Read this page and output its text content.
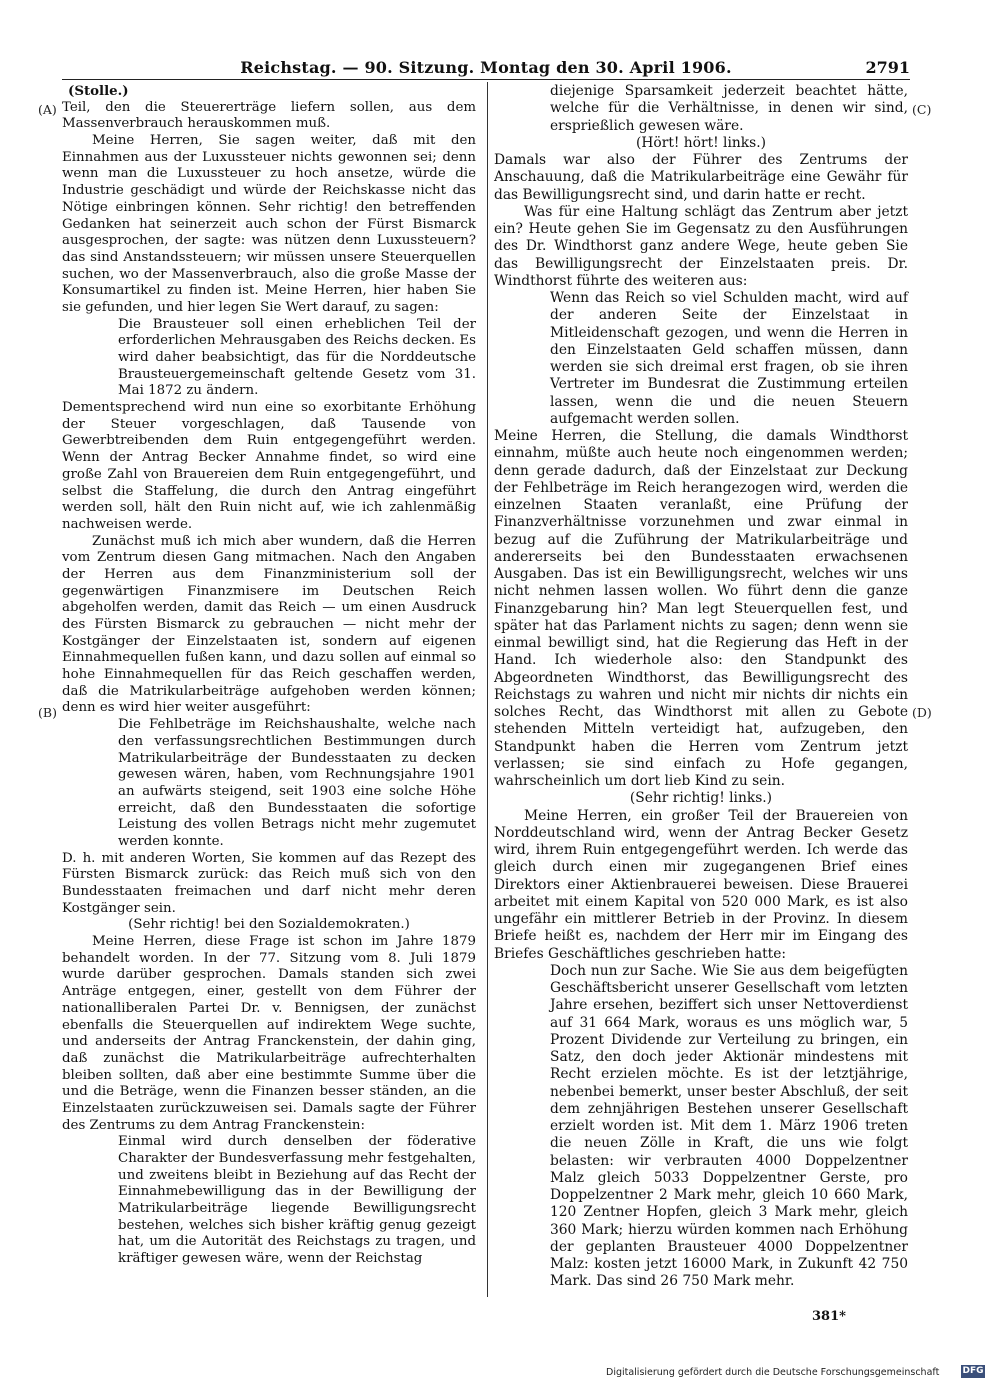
Reichstag. — 90. Sitzung. Montag den 30. April 1906.	2791
(A)
(B)
(C)
(D)

(Stolle.)

Teil, den die Steuererträge liefern sollen, aus dem Massenverbrauch herauskommen muß.

Meine Herren, Sie sagen weiter, daß mit den Einnahmen aus der Luxussteuer nichts gewonnen sei; denn wenn man die Luxussteuer zu hoch ansetze, würde die Industrie geschädigt und würde der Reichskasse nicht das Nötige einbringen können. Sehr richtig! den betreffenden Gedanken hat seinerzeit auch schon der Fürst Bismarck ausgesprochen, der sagte: was nützen denn Luxussteuern? das sind Anstandssteuern; wir müssen unsere Steuerquellen suchen, wo der Massenverbrauch, also die große Masse der Konsumartikel zu finden ist. Meine Herren, hier haben Sie sie gefunden, und hier legen Sie Wert darauf, zu sagen:

Die Brausteuer soll einen erheblichen Teil der erforderlichen Mehrausgaben des Reichs decken. Es wird daher beabsichtigt, das für die Norddeutsche Brausteuergemeinschaft geltende Gesetz vom 31. Mai 1872 zu ändern.

Dementsprechend wird nun eine so exorbitante Erhöhung der Steuer vorgeschlagen, daß Tausende von Gewerbtreibenden dem Ruin entgegengeführt werden. Wenn der Antrag Becker Annahme findet, so wird eine große Zahl von Brauereien dem Ruin entgegengeführt, und selbst die Staffelung, die durch den Antrag eingeführt werden soll, hält den Ruin nicht auf, wie ich zahlenmäßig nachweisen werde.

Zunächst muß ich mich aber wundern, daß die Herren vom Zentrum diesen Gang mitmachen. Nach den Angaben der Herren aus dem Finanzministerium soll der gegenwärtigen Finanzmisere im Deutschen Reich abgeholfen werden, damit das Reich — um einen Ausdruck des Fürsten Bismarck zu gebrauchen — nicht mehr der Kostgänger der Einzelstaaten ist, sondern auf eigenen Einnahmequellen fußen kann, und dazu sollen auf einmal so hohe Einnahmequellen für das Reich geschaffen werden, daß die Matrikularbeiträge aufgehoben werden können; denn es wird hier weiter ausgeführt:

Die Fehlbeträge im Reichshaushalte, welche nach den verfassungsrechtlichen Bestimmungen durch Matrikularbeiträge der Bundesstaaten zu decken gewesen wären, haben, vom Rechnungsjahre 1901 an aufwärts steigend, seit 1903 eine solche Höhe erreicht, daß den Bundesstaaten die sofortige Leistung des vollen Betrags nicht mehr zugemutet werden konnte.

D. h. mit anderen Worten, Sie kommen auf das Rezept des Fürsten Bismarck zurück: das Reich muß sich von den Bundesstaaten freimachen und darf nicht mehr deren Kostgänger sein.

(Sehr richtig! bei den Sozialdemokraten.)

Meine Herren, diese Frage ist schon im Jahre 1879 behandelt worden. In der 77. Sitzung vom 8. Juli 1879 wurde darüber gesprochen. Damals standen sich zwei Anträge entgegen, einer, gestellt von dem Führer der nationalliberalen Partei Dr. v. Bennigsen, der zunächst ebenfalls die Steuerquellen auf indirektem Wege suchte, und anderseits der Antrag Franckenstein, der dahin ging, daß zunächst die Matrikularbeiträge aufrechterhalten bleiben sollten, daß aber eine bestimmte Summe über die und die Beträge, wenn die Finanzen besser ständen, an die Einzelstaaten zurückzuweisen sei. Damals sagte der Führer des Zentrums zu dem Antrag Franckenstein:

Einmal wird durch denselben der föderative Charakter der Bundesverfassung mehr festgehalten, und zweitens bleibt in Beziehung auf das Recht der Einnahmebewilligung das in der Bewilligung der Matrikularbeiträge liegende Bewilligungsrecht bestehen, welches sich bisher kräftig genug gezeigt hat, um die Autorität des Reichstags zu tragen, und kräftiger gewesen wäre, wenn der Reichstag

diejenige Sparsamkeit jederzeit beachtet hätte, welche für die Verhältnisse, in denen wir sind, ersprießlich gewesen wäre.

(Hört! hört! links.)

Damals war also der Führer des Zentrums der Anschauung, daß die Matrikularbeiträge eine Gewähr für das Bewilligungsrecht sind, und darin hatte er recht.

Was für eine Haltung schlägt das Zentrum aber jetzt ein? Heute gehen Sie im Gegensatz zu den Ausführungen des Dr. Windthorst ganz andere Wege, heute geben Sie das Bewilligungsrecht der Einzelstaaten preis. Dr. Windthorst führte des weiteren aus:

Wenn das Reich so viel Schulden macht, wird auf der anderen Seite der Einzelstaat in Mitleidenschaft gezogen, und wenn die Herren in den Einzelstaaten Geld schaffen müssen, dann werden sie sich dreimal erst fragen, ob sie ihren Vertreter im Bundesrat die Zustimmung erteilen lassen, wenn die und die neuen Steuern aufgemacht werden sollen.

Meine Herren, die Stellung, die damals Windthorst einnahm, müßte auch heute noch eingenommen werden; denn gerade dadurch, daß der Einzelstaat zur Deckung der Fehlbeträge im Reich herangezogen wird, werden die einzelnen Staaten veranlaßt, eine Prüfung der Finanzverhältnisse vorzunehmen und zwar einmal in bezug auf die Zuführung der Matrikularbeiträge und andererseits bei den Bundesstaaten erwachsenen Ausgaben. Das ist ein Bewilligungsrecht, welches wir uns nicht nehmen lassen wollen. Wo führt denn die ganze Finanzgebarung hin? Man legt Steuerquellen fest, und später hat das Parlament nichts zu sagen; denn wenn sie einmal bewilligt sind, hat die Regierung das Heft in der Hand. Ich wiederhole also: den Standpunkt des Abgeordneten Windthorst, das Bewilligungsrecht des Reichstags zu wahren und nicht mir nichts dir nichts ein solches Recht, das Windthorst mit allen zu Gebote stehenden Mitteln verteidigt hat, aufzugeben, den Standpunkt haben die Herren vom Zentrum jetzt verlassen; sie sind einfach zu Hofe gegangen, wahrscheinlich um dort lieb Kind zu sein.

(Sehr richtig! links.)

Meine Herren, ein großer Teil der Brauereien von Norddeutschland wird, wenn der Antrag Becker Gesetz wird, ihrem Ruin entgegengeführt werden. Ich werde das gleich durch einen mir zugegangenen Brief eines Direktors einer Aktienbrauerei beweisen. Diese Brauerei arbeitet mit einem Kapital von 520 000 Mark, es ist also ungefähr ein mittlerer Betrieb in der Provinz. In diesem Briefe heißt es, nachdem der Herr mir im Eingang des Briefes Geschäftliches geschrieben hatte:

Doch nun zur Sache. Wie Sie aus dem beigefügten Geschäftsbericht unserer Gesellschaft vom letzten Jahre ersehen, beziffert sich unser Nettoverdienst auf 31 664 Mark, woraus es uns möglich war, 5 Prozent Dividende zur Verteilung zu bringen, ein Satz, den doch jeder Aktionär mindestens mit Recht erzielen möchte. Es ist der letztjährige, nebenbei bemerkt, unser bester Abschluß, der seit dem zehnjährigen Bestehen unserer Gesellschaft erzielt worden ist. Mit dem 1. März 1906 treten die neuen Zölle in Kraft, die uns wie folgt belasten: wir verbrauten 4000 Doppelzentner Malz gleich 5033 Doppelzentner Gerste, pro Doppelzentner 2 Mark mehr, gleich 10 660 Mark, 120 Zentner Hopfen, gleich 3 Mark mehr, gleich 360 Mark; hierzu würden kommen nach Erhöhung der geplanten Brausteuer 4000 Doppelzentner Malz: kosten jetzt 16000 Mark, in Zukunft 42 750 Mark. Das sind 26 750 Mark mehr.

381*
Digitalisierung gefördert durch die Deutsche Forschungsgemeinschaft	DFG
